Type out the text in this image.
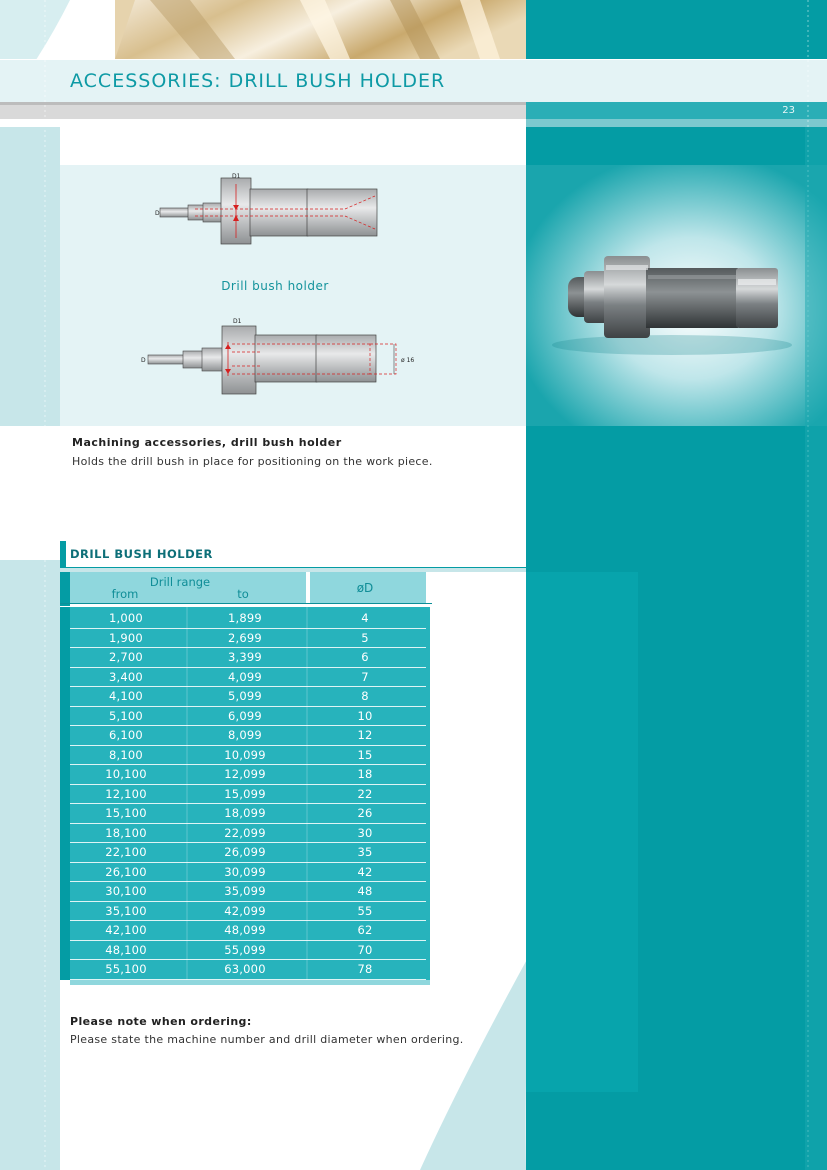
D1
D
D1
D	ø 16
ACCESSORIES: DRILL BUSH HOLDER
23
Drill bush holder
Machining accessories, drill bush holder
Holds the drill bush in place for positioning on the work piece.
DRILL BUSH HOLDER
Drill range
from	to	øD
1,000	1,899	4
1,900	2,699	5
2,700	3,399	6
3,400	4,099	7
4,100	5,099	8
5,100	6,099	10
6,100	8,099	12
8,100	10,099	15
10,100	12,099	18
12,100	15,099	22
15,100	18,099	26
18,100	22,099	30
22,100	26,099	35
26,100	30,099	42
30,100	35,099	48
35,100	42,099	55
42,100	48,099	62
48,100	55,099	70
55,100	63,000	78
Please note when ordering:
Please state the machine number and drill diameter when ordering.
